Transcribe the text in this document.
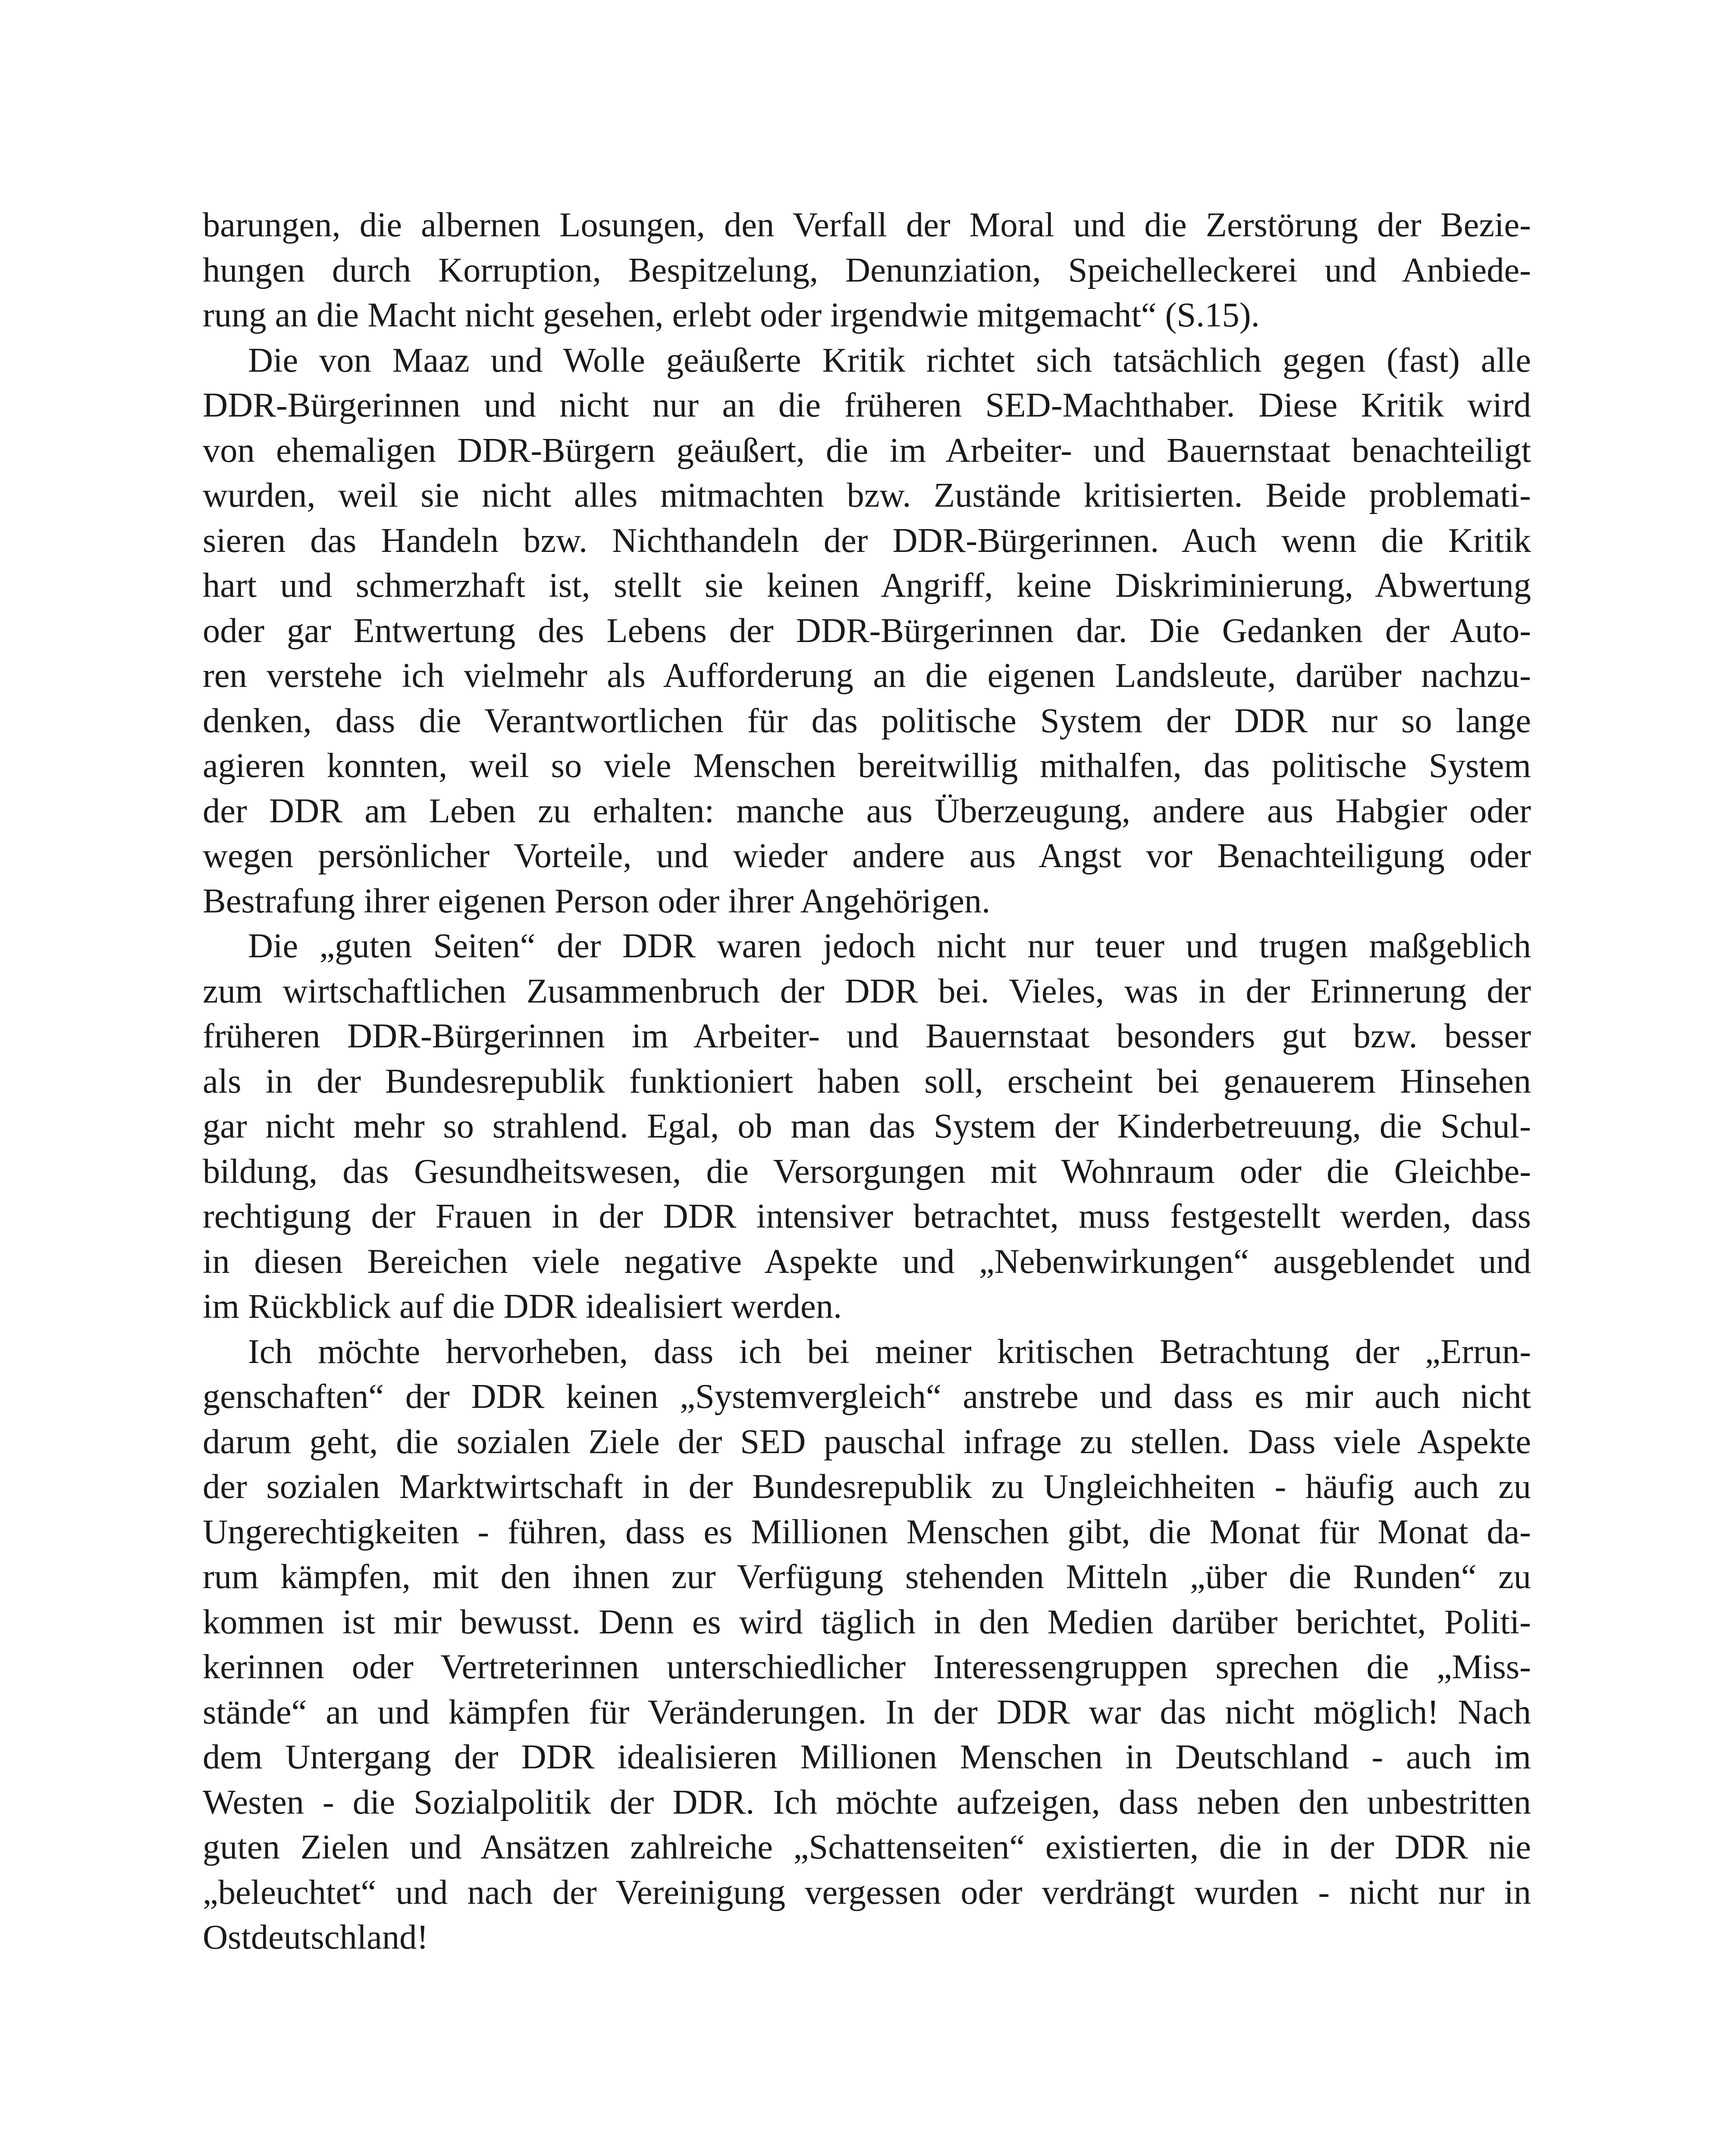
barungen, die albernen Losungen, den Verfall der Moral und die Zerstörung der Bezie-
hungen durch Korruption, Bespitzelung, Denunziation, Speichelleckerei und Anbiede-
rung an die Macht nicht gesehen, erlebt oder irgendwie mitgemacht“ (S.15).
Die von Maaz und Wolle geäußerte Kritik richtet sich tatsächlich gegen (fast) alle
DDR-Bürgerinnen und nicht nur an die früheren SED-Machthaber. Diese Kritik wird
von ehemaligen DDR-Bürgern geäußert, die im Arbeiter- und Bauernstaat benachteiligt
wurden, weil sie nicht alles mitmachten bzw. Zustände kritisierten. Beide problemati-
sieren das Handeln bzw. Nichthandeln der DDR-Bürgerinnen. Auch wenn die Kritik
hart und schmerzhaft ist, stellt sie keinen Angriff, keine Diskriminierung, Abwertung
oder gar Entwertung des Lebens der DDR-Bürgerinnen dar. Die Gedanken der Auto-
ren verstehe ich vielmehr als Aufforderung an die eigenen Landsleute, darüber nachzu-
denken, dass die Verantwortlichen für das politische System der DDR nur so lange
agieren konnten, weil so viele Menschen bereitwillig mithalfen, das politische System
der DDR am Leben zu erhalten: manche aus Überzeugung, andere aus Habgier oder
wegen persönlicher Vorteile, und wieder andere aus Angst vor Benachteiligung oder
Bestrafung ihrer eigenen Person oder ihrer Angehörigen.
Die „guten Seiten“ der DDR waren jedoch nicht nur teuer und trugen maßgeblich
zum wirtschaftlichen Zusammenbruch der DDR bei. Vieles, was in der Erinnerung der
früheren DDR-Bürgerinnen im Arbeiter- und Bauernstaat besonders gut bzw. besser
als in der Bundesrepublik funktioniert haben soll, erscheint bei genauerem Hinsehen
gar nicht mehr so strahlend. Egal, ob man das System der Kinderbetreuung, die Schul-
bildung, das Gesundheitswesen, die Versorgungen mit Wohnraum oder die Gleichbe-
rechtigung der Frauen in der DDR intensiver betrachtet, muss festgestellt werden, dass
in diesen Bereichen viele negative Aspekte und „Nebenwirkungen“ ausgeblendet und
im Rückblick auf die DDR idealisiert werden.
Ich möchte hervorheben, dass ich bei meiner kritischen Betrachtung der „Errun-
genschaften“ der DDR keinen „Systemvergleich“ anstrebe und dass es mir auch nicht
darum geht, die sozialen Ziele der SED pauschal infrage zu stellen. Dass viele Aspekte
der sozialen Marktwirtschaft in der Bundesrepublik zu Ungleichheiten - häufig auch zu
Ungerechtigkeiten - führen, dass es Millionen Menschen gibt, die Monat für Monat da-
rum kämpfen, mit den ihnen zur Verfügung stehenden Mitteln „über die Runden“ zu
kommen ist mir bewusst. Denn es wird täglich in den Medien darüber berichtet, Politi-
kerinnen oder Vertreterinnen unterschiedlicher Interessengruppen sprechen die „Miss-
stände“ an und kämpfen für Veränderungen. In der DDR war das nicht möglich! Nach
dem Untergang der DDR idealisieren Millionen Menschen in Deutschland - auch im
Westen - die Sozialpolitik der DDR. Ich möchte aufzeigen, dass neben den unbestritten
guten Zielen und Ansätzen zahlreiche „Schattenseiten“ existierten, die in der DDR nie
„beleuchtet“ und nach der Vereinigung vergessen oder verdrängt wurden - nicht nur in
Ostdeutschland!
